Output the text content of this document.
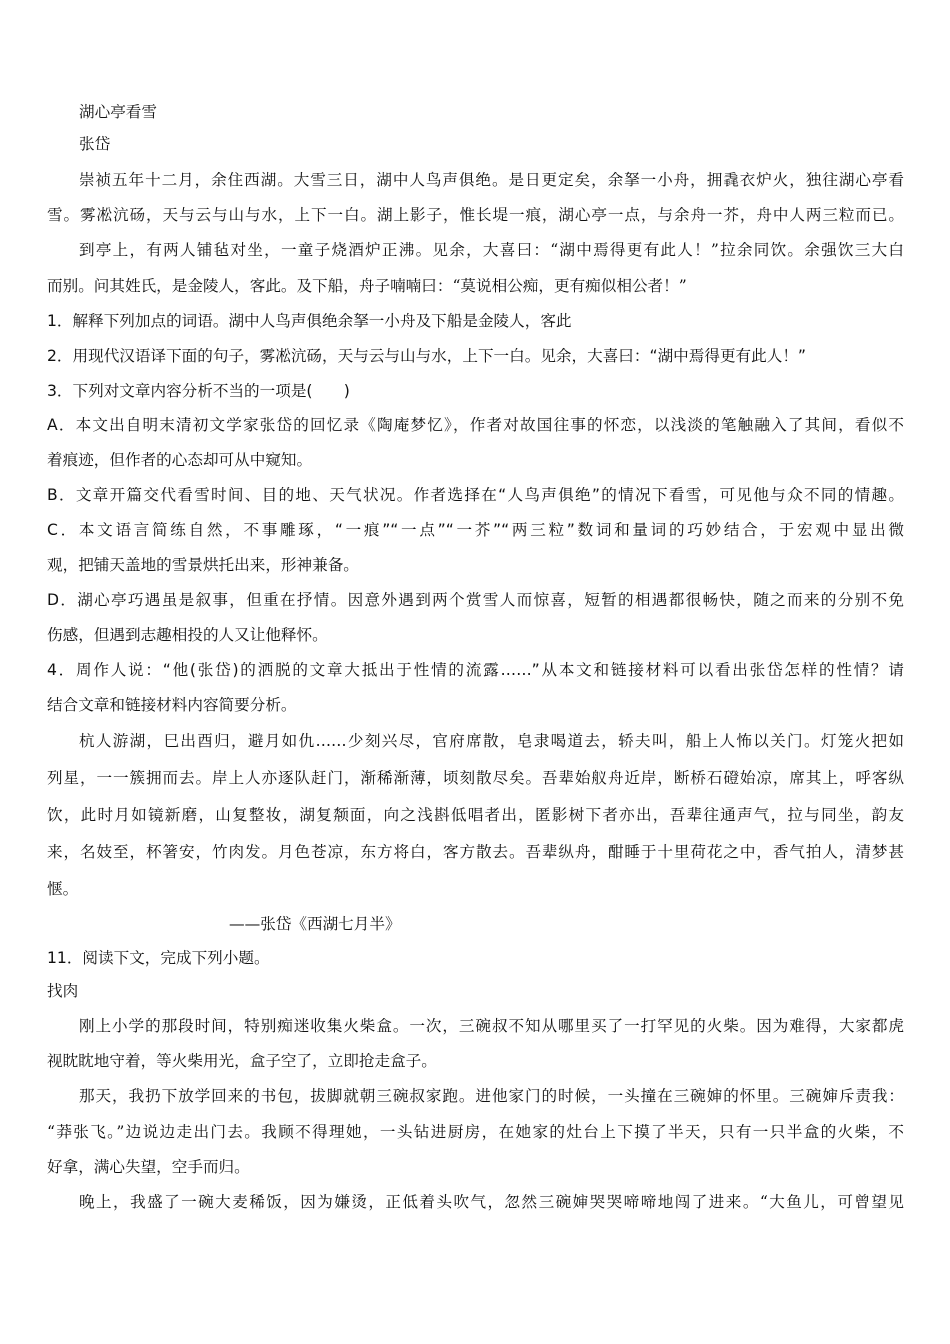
湖心亭看雪
张岱
崇祯五年十二月，余住西湖。大雪三日，湖中人鸟声俱绝。是日更定矣，余拏一小舟，拥毳衣炉火，独往湖心亭看
雪。雾凇沆砀，天与云与山与水，上下一白。湖上影子，惟长堤一痕，湖心亭一点，与余舟一芥，舟中人两三粒而已。
到亭上，有两人铺毡对坐，一童子烧酒炉正沸。见余，大喜曰：“湖中焉得更有此人！”拉余同饮。余强饮三大白
而别。问其姓氏，是金陵人，客此。及下船，舟子喃喃曰：“莫说相公痴，更有痴似相公者！”
1．解释下列加点的词语。湖中人鸟声俱绝余拏一小舟及下船是金陵人，客此
2．用现代汉语译下面的句子，雾凇沆砀，天与云与山与水，上下一白。见余，大喜曰：“湖中焉得更有此人！”
3．下列对文章内容分析不当的一项是(　　)
A．本文出自明末清初文学家张岱的回忆录《陶庵梦忆》，作者对故国往事的怀恋，以浅淡的笔触融入了其间，看似不
着痕迹，但作者的心态却可从中窥知。
B．文章开篇交代看雪时间、目的地、天气状况。作者选择在“人鸟声俱绝”的情况下看雪，可见他与众不同的情趣。
C．本文语言简练自然，不事雕琢，“一痕”“一点”“一芥”“两三粒”数词和量词的巧妙结合，于宏观中显出微
观，把铺天盖地的雪景烘托出来，形神兼备。
D．湖心亭巧遇虽是叙事，但重在抒情。因意外遇到两个赏雪人而惊喜，短暂的相遇都很畅快，随之而来的分别不免
伤感，但遇到志趣相投的人又让他释怀。
4．周作人说：“他(张岱)的洒脱的文章大抵出于性情的流露……”从本文和链接材料可以看出张岱怎样的性情？请
结合文章和链接材料内容简要分析。
杭人游湖，巳出酉归，避月如仇……少刻兴尽，官府席散，皂隶喝道去，轿夫叫，船上人怖以关门。灯笼火把如
列星，一一簇拥而去。岸上人亦逐队赶门，渐稀渐薄，顷刻散尽矣。吾辈始舣舟近岸，断桥石磴始凉，席其上，呼客纵
饮，此时月如镜新磨，山复整妆，湖复颒面，向之浅斟低唱者出，匿影树下者亦出，吾辈往通声气，拉与同坐，韵友
来，名妓至，杯箸安，竹肉发。月色苍凉，东方将白，客方散去。吾辈纵舟，酣睡于十里荷花之中，香气拍人，清梦甚
惬。
——张岱《西湖七月半》
11．阅读下文，完成下列小题。
找肉
刚上小学的那段时间，特别痴迷收集火柴盒。一次，三碗叔不知从哪里买了一打罕见的火柴。因为难得，大家都虎
视眈眈地守着，等火柴用光，盒子空了，立即抢走盒子。
那天，我扔下放学回来的书包，拔脚就朝三碗叔家跑。进他家门的时候，一头撞在三碗婶的怀里。三碗婶斥责我：
“莽张飞。”边说边走出门去。我顾不得理她，一头钻进厨房，在她家的灶台上下摸了半天，只有一只半盒的火柴，不
好拿，满心失望，空手而归。
晚上，我盛了一碗大麦稀饭，因为嫌烫，正低着头吹气，忽然三碗婶哭哭啼啼地闯了进来。“大鱼儿，可曾望见
